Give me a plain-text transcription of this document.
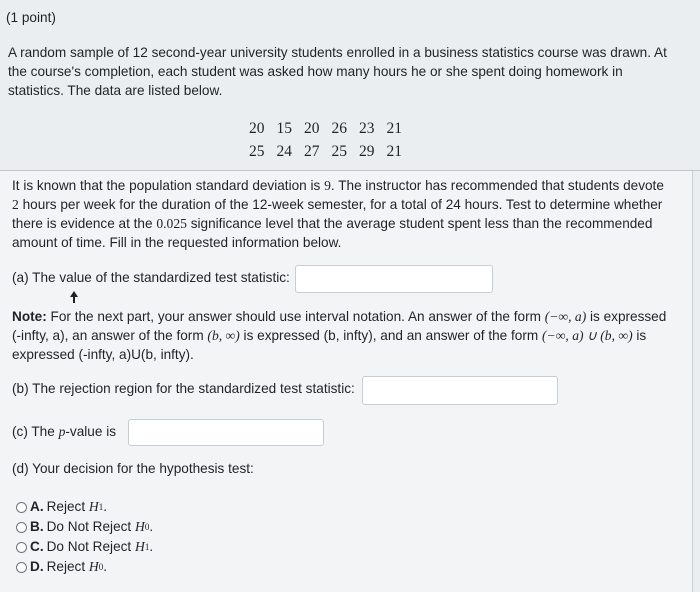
(1 point)
A random sample of 12 second-year university students enrolled in a business statistics course was drawn. At
the course's completion, each student was asked how many hours he or she spent doing homework in
statistics. The data are listed below.
20	15	20	26	23	21
25	24	27	25	29	21
It is known that the population standard deviation is 9. The instructor has recommended that students devote
2 hours per week for the duration of the 12-week semester, for a total of 24 hours. Test to determine whether
there is evidence at the 0.025 significance level that the average student spent less than the recommended
amount of time. Fill in the requested information below.
(a) The value of the standardized test statistic:
Note: For the next part, your answer should use interval notation. An answer of the form (−∞, a) is expressed
(-infty, a), an answer of the form (b, ∞) is expressed (b, infty), and an answer of the form (−∞, a) ∪ (b, ∞) is
expressed (-infty, a)U(b, infty).
(b) The rejection region for the standardized test statistic:
(c) The p-value is
(d) Your decision for the hypothesis test:
A. Reject
H 1 .
B. Do Not Reject
H 0 .
C. Do Not Reject
H 1 .
D. Reject
H 0 .
